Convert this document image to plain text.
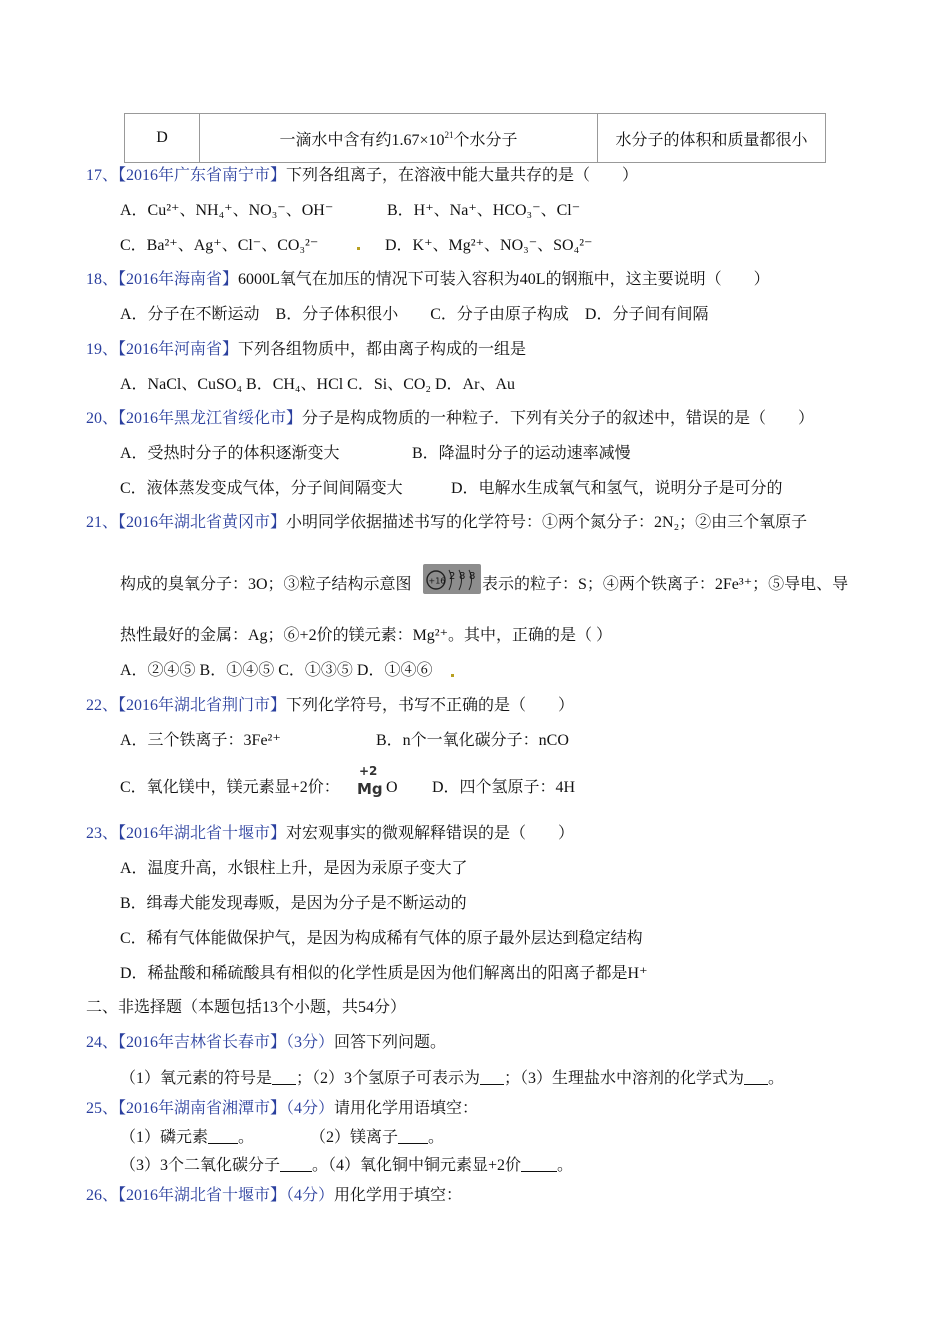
D	一滴水中含有约$1.67\times 10^{21}$个水分子	水分子的体积和质量都很小
17、【2016年广东省南宁市】下列各组离子，在溶液中能大量共存的是（　　）
A．Cu²⁺、NH₄⁺、NO₃⁻、OH⁻	B．H⁺、Na⁺、HCO₃⁻、Cl⁻
C．Ba²⁺、Ag⁺、Cl⁻、CO₃²⁻	D．K⁺、Mg²⁺、NO₃⁻、SO₄²⁻
18、【2016年海南省】6000L氧气在加压的情况下可装入容积为40L的钢瓶中，这主要说明（　　）
A．分子在不断运动　B．分子体积很小　　C．分子由原子构成　D．分子间有间隔
19、【2016年河南省】下列各组物质中，都由离子构成的一组是
A．NaCl、CuSO₄ B．CH₄、HCl C．Si、CO₂ D．Ar、Au
20、【2016年黑龙江省绥化市】分子是构成物质的一种粒子．下列有关分子的叙述中，错误的是（　　）
A．受热时分子的体积逐渐变大	B．降温时分子的运动速率减慢
C．液体蒸发变成气体，分子间间隔变大	D．电解水生成氧气和氢气，说明分子是可分的
21、【2016年湖北省黄冈市】小明同学依据描述书写的化学符号：①两个氮分子：2N₂；②由三个氧原子
构成的臭氧分子：3O；③粒子结构示意图 +16 2 8 8 表示的粒子：S；④两个铁离子：2Fe³⁺；⑤导电、导
热性最好的金属：Ag；⑥+2价的镁元素：Mg²⁺。其中，正确的是（ ）
A．②④⑤ B．①④⑤ C．①③⑤ D．①④⑥
22、【2016年湖北省荆门市】下列化学符号，书写不正确的是（　　）
A．三个铁离子：3Fe²⁺	B．n个一氧化碳分子：nCO
C．氧化镁中，镁元素显+2价：
+2
Mg O D．四个氢原子：4H
23、【2016年湖北省十堰市】对宏观事实的微观解释错误的是（　　）
A．温度升高，水银柱上升，是因为汞原子变大了
B．缉毒犬能发现毒贩，是因为分子是不断运动的
C．稀有气体能做保护气，是因为构成稀有气体的原子最外层达到稳定结构
D．稀盐酸和稀硫酸具有相似的化学性质是因为他们解离出的阳离子都是H⁺
二、非选择题（本题包括13个小题，共54分）
24、【2016年吉林省长春市】（3分）回答下列问题。
（1）氧元素的符号是 ；（2）3个氢原子可表示为 ；（3）生理盐水中溶剂的化学式为 。
25、【2016年湖南省湘潭市】（4分）请用化学用语填空：
（1）磷元素 。	（2）镁离子 。
（3）3个二氧化碳分子 。（4）氧化铜中铜元素显+2价 。
26、【2016年湖北省十堰市】（4分）用化学用于填空：
